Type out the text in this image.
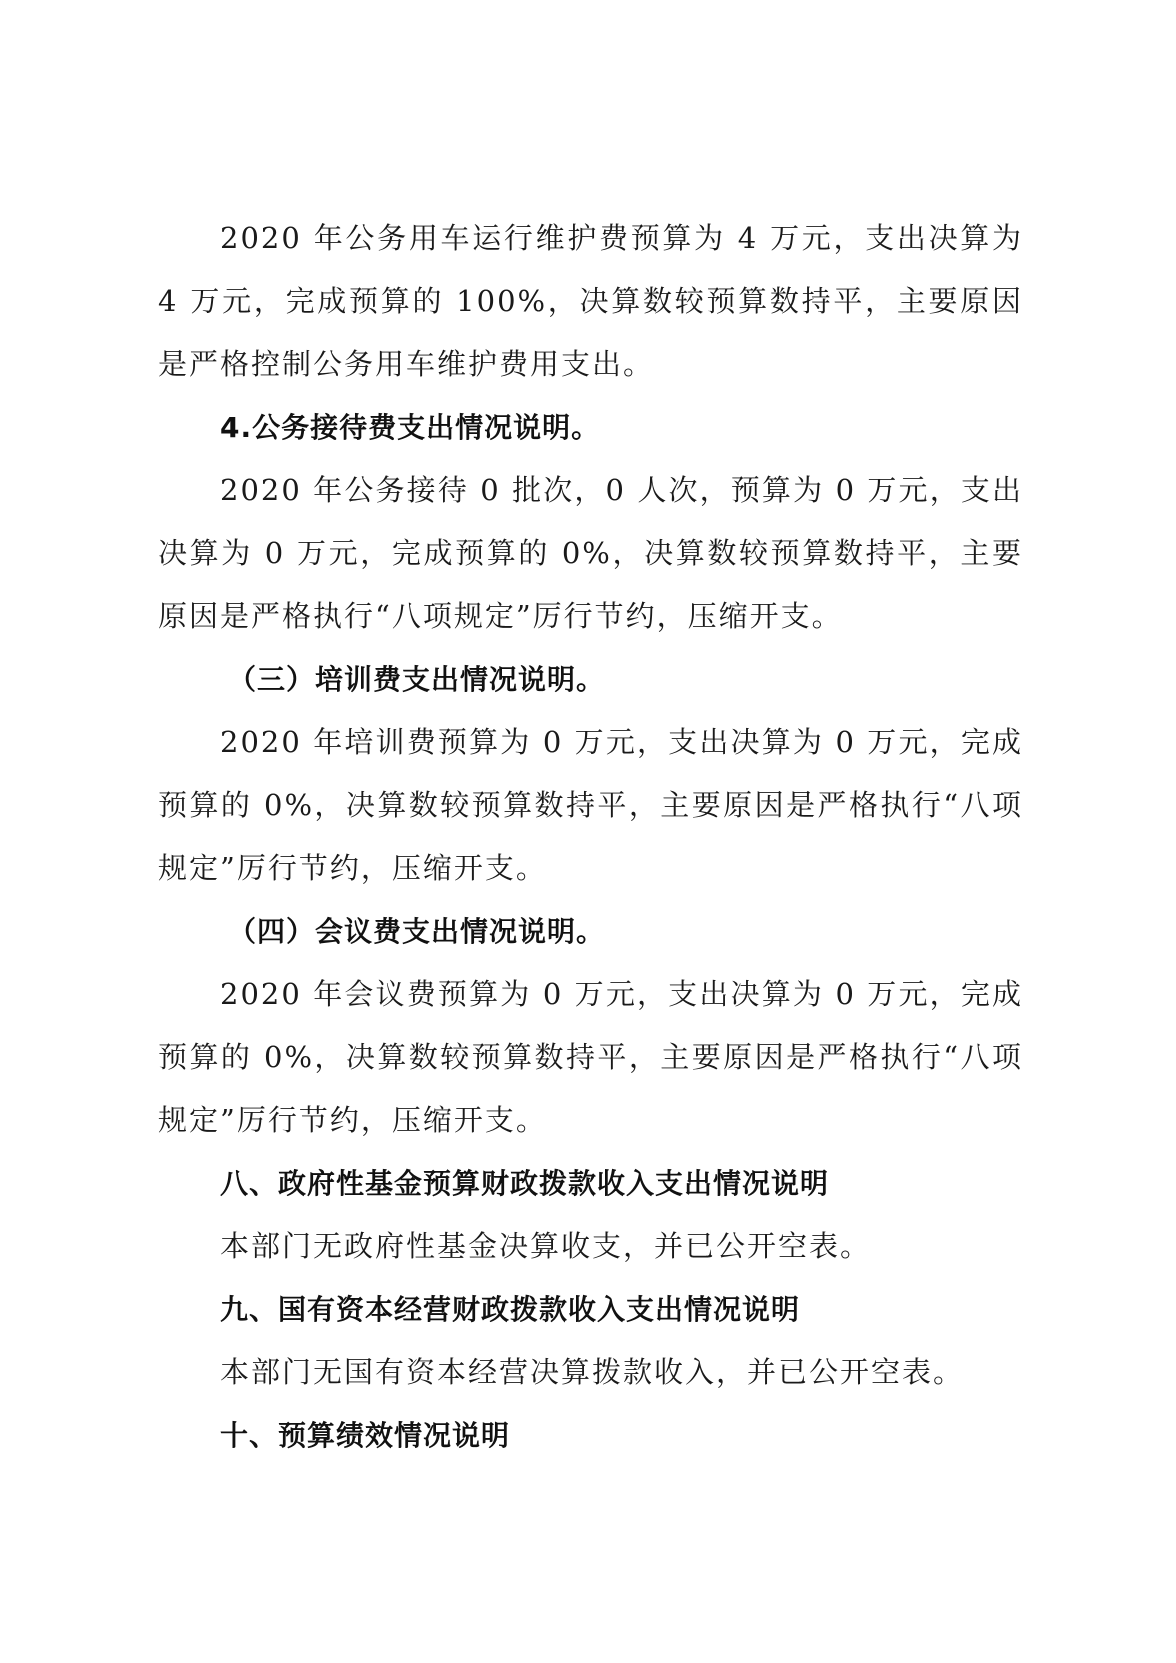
2020 年公务用车运行维护费预算为 4 万元，支出决算为 4 万元，完成预算的 100%，决算数较预算数持平，主要原因是严格控制公务用车维护费用支出。

4.公务接待费支出情况说明。

2020 年公务接待 0 批次，0 人次，预算为 0 万元，支出决算为 0 万元，完成预算的 0%，决算数较预算数持平，主要原因是严格执行“八项规定”厉行节约，压缩开支。

（三）培训费支出情况说明。

2020 年培训费预算为 0 万元，支出决算为 0 万元，完成预算的 0%，决算数较预算数持平，主要原因是严格执行“八项规定”厉行节约，压缩开支。

（四）会议费支出情况说明。

2020 年会议费预算为 0 万元，支出决算为 0 万元，完成预算的 0%，决算数较预算数持平，主要原因是严格执行“八项规定”厉行节约，压缩开支。

八、政府性基金预算财政拨款收入支出情况说明

本部门无政府性基金决算收支，并已公开空表。

九、国有资本经营财政拨款收入支出情况说明

本部门无国有资本经营决算拨款收入，并已公开空表。

十、预算绩效情况说明
